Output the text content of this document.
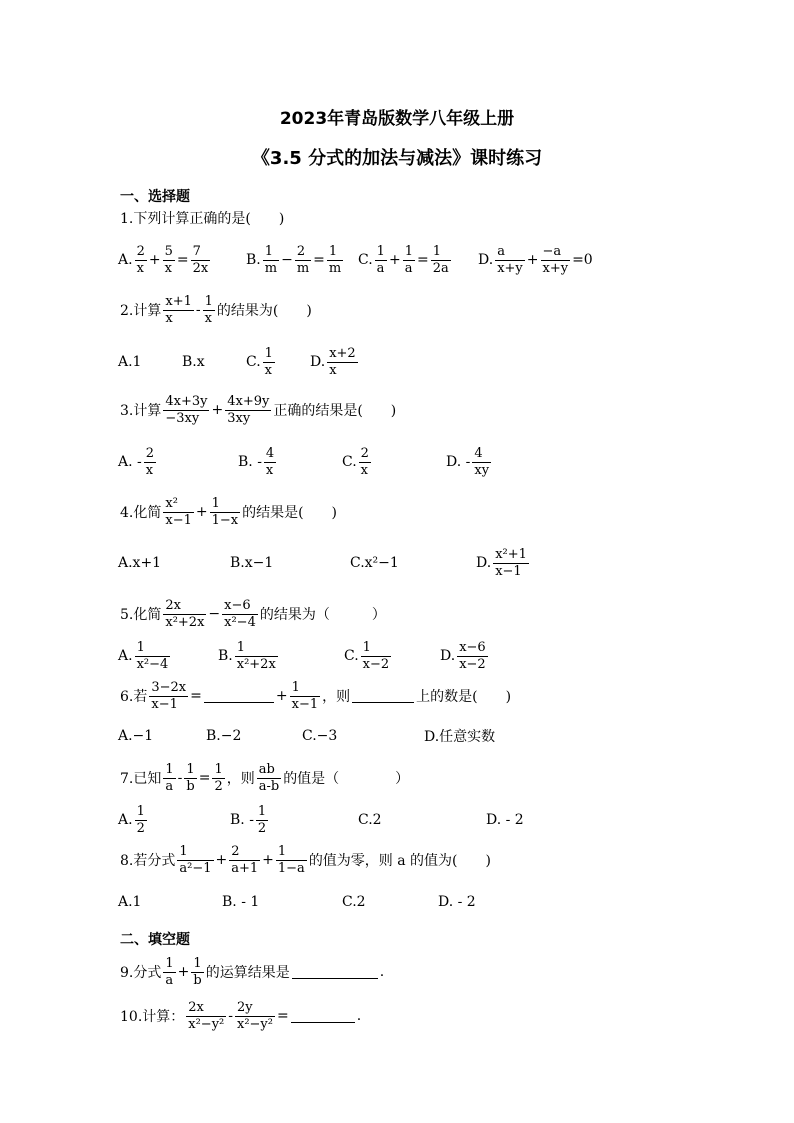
2023年青岛版数学八年级上册
《3.5 分式的加法与减法》课时练习
一、选择题
1.下列计算正确的是(　　)
A. $\frac{2}{x} + \frac{5}{x} = \frac{7}{2x}$	B. $\frac{1}{m} - \frac{2}{m} = \frac{1}{m} C$. $\frac{1}{a} + \frac{1}{a} = \frac{1}{2a} D$. $\frac{a}{x+y} + \frac{-a}{x+y} =0$
2.计算 $\frac{x+1}{x} - \frac{1}{x}$ 的结果为(　　)
A.1	B.x	C. $\frac{1}{x}$	D. $\frac{x+2}{x}$
3.计算 $\frac{4x+3y}{-3xy} + \frac{4x+9y}{3xy}$ 正确的结果是(　　)
A. - $\frac{2}{x}$	B. - $\frac{4}{x}$	C. $\frac{2}{x}$	D. - $\frac{4}{xy}$
4.化简 $\frac{\text{x²}}{x-1} + \frac{1}{1-x}$ 的结果是(　　)
A.x+1	B.x−1	C.x²−1	D. $\frac{\text{x²+1}}{x-1}$
5.化简 $\frac{2x}{\text{x²+2x}} - \frac{x-6}{\text{x²−4}}$ 的结果为（　　　）
A. $\frac{1}{\text{x²−4}}$	B. $\frac{1}{\text{x²+2x}}$	C. $\frac{1}{x-2}$	D. $\frac{x-6}{x-2}$
6.若 $\frac{3-2x}{x-1}$ =	+ $\frac{1}{x-1}$ ，则	上的数是(　　)
A.−1	B.−2	C.−3	D.任意实数
7.已知 $\frac{1}{a} - \frac{1}{b} = \frac{1}{2}$ ，则 $\frac{ab}{a-b}$ 的值是（　　　　）
A. $\frac{1}{2}$	B. - $\frac{1}{2}$	C.2	D. - 2
8.若分式 $\frac{1}{\text{a²−1}} + \frac{2}{a+1} + \frac{1}{1-a}$ 的值为零，则 a 的值为(　　)
A.1	B. - 1	C.2	D. - 2
二、填空题
9.分式 $\frac{1}{a} + \frac{1}{b}$ 的运算结果是	.
10.计算： $\frac{2x}{\text{x²−y²}} - \frac{2y}{\text{x²−y²}}$ =	.
